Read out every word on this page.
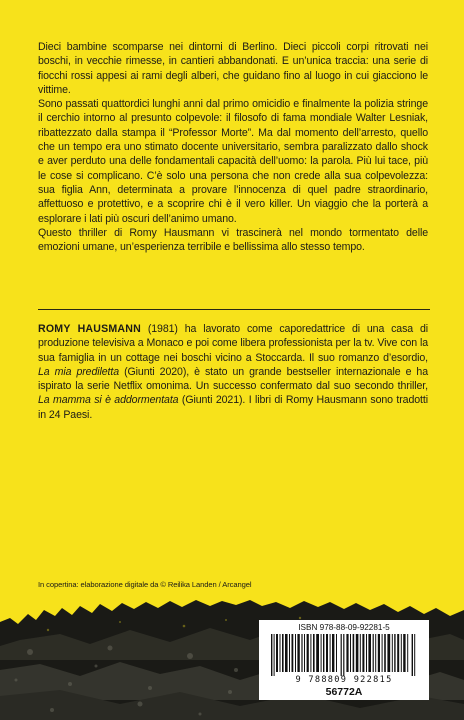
Dieci bambine scomparse nei dintorni di Berlino. Dieci piccoli corpi ritrovati nei boschi, in vecchie rimesse, in cantieri abbandonati. E un’unica traccia: una serie di fiocchi rossi appesi ai rami degli alberi, che guidano fino al luogo in cui giacciono le vittime.

Sono passati quattordici lunghi anni dal primo omicidio e finalmente la polizia stringe il cerchio intorno al presunto colpevole: il filosofo di fama mondiale Walter Lesniak, ribattezzato dalla stampa il “Professor Morte”. Ma dal momento dell’arresto, quello che un tempo era uno stimato docente universitario, sembra paralizzato dallo shock e aver perduto una delle fondamentali capacità dell’uomo: la parola. Più lui tace, più le cose si complicano. C’è solo una persona che non crede alla sua colpevolezza: sua figlia Ann, determinata a provare l’innocenza di quel padre straordinario, affettuoso e protettivo, e a scoprire chi è il vero killer. Un viaggio che la porterà a esplorare i lati più oscuri dell’animo umano.

Questo thriller di Romy Hausmann vi trascinerà nel mondo tormentato delle emozioni umane, un’esperienza terribile e bellissima allo stesso tempo.

ROMY HAUSMANN (1981) ha lavorato come caporedattrice di una casa di produzione televisiva a Monaco e poi come libera professionista per la tv. Vive con la sua famiglia in un cottage nei boschi vicino a Stoccarda. Il suo romanzo d’esordio, La mia prediletta (Giunti 2020), è stato un grande bestseller internazionale e ha ispirato la serie Netflix omonima. Un successo confermato dal suo secondo thriller, La mamma si è addormentata (Giunti 2021). I libri di Romy Hausmann sono tradotti in 24 Paesi.
In copertina: elaborazione digitale da © Reilika Landen / Arcangel
ISBN 978-88-09-92281-5
9 788809 922815
56772A
